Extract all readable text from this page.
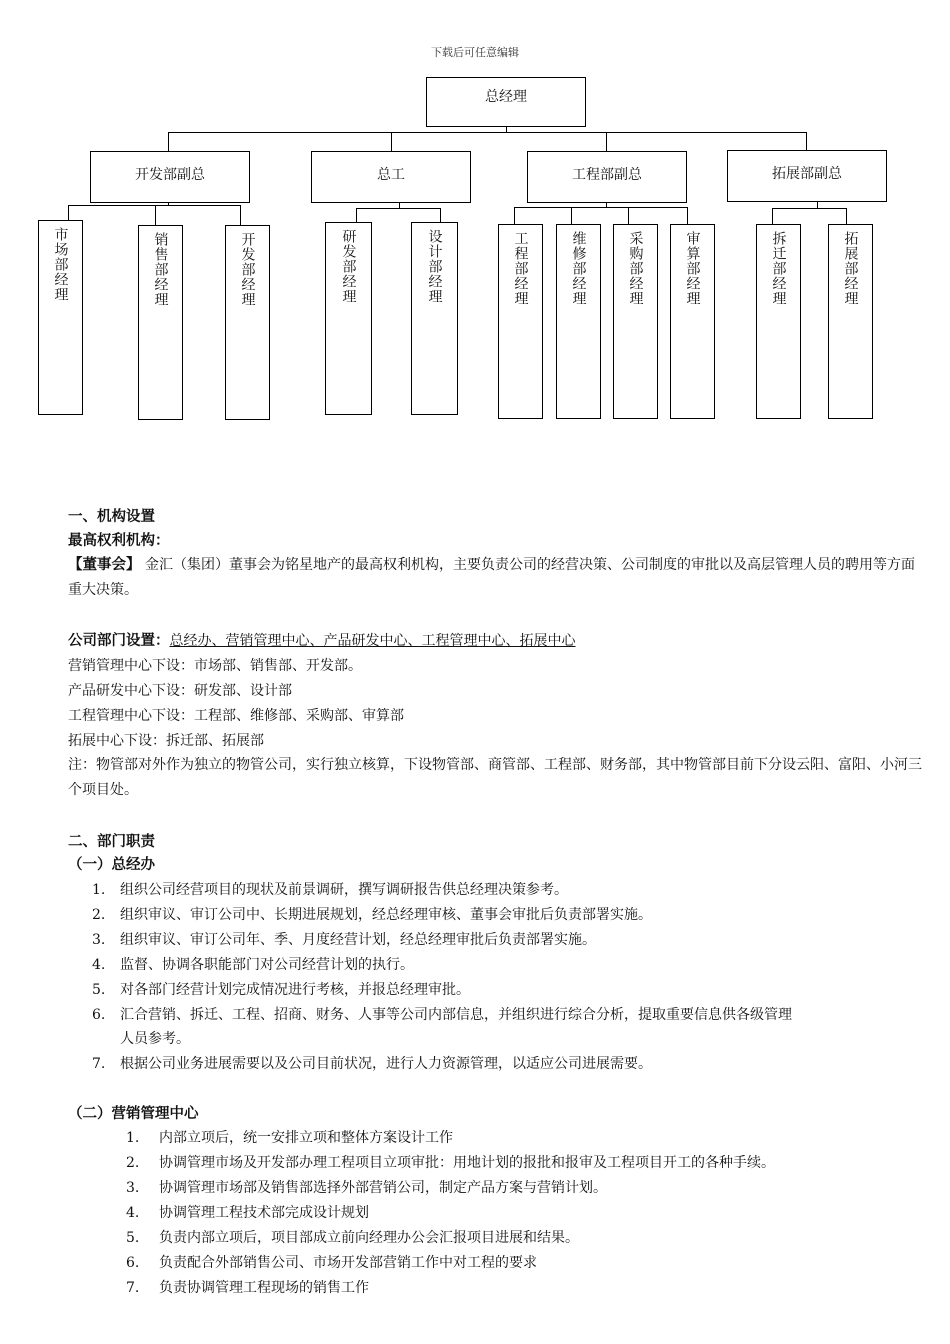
下载后可任意编辑
总经理
开发部副总	总工	工程部副总	拓展部副总
市场部经理	销售部经理	开发部经理	研发部经理	设计部经理	工程部经理	维修部经理	采购部经理	审算部经理	拆迁部经理	拓展部经理
一、机构设置
最高权利机构：
【董事会】 金汇（集团）董事会为铭星地产的最高权利机构，主要负责公司的经营决策、公司制度的审批以及高层管理人员的聘用等方面重大决策。
公司部门设置：总经办、营销管理中心、产品研发中心、工程管理中心、拓展中心
营销管理中心下设：市场部、销售部、开发部。
产品研发中心下设：研发部、设计部
工程管理中心下设：工程部、维修部、采购部、审算部
拓展中心下设：拆迁部、拓展部
注：物管部对外作为独立的物管公司，实行独立核算，下设物管部、商管部、工程部、财务部，其中物管部目前下分设云阳、富阳、小河三个项目处。
二、部门职责
（一）总经办
1. 组织公司经营项目的现状及前景调研，撰写调研报告供总经理决策参考。
2. 组织审议、审订公司中、长期进展规划，经总经理审核、董事会审批后负责部署实施。
3. 组织审议、审订公司年、季、月度经营计划，经总经理审批后负责部署实施。
4. 监督、协调各职能部门对公司经营计划的执行。
5. 对各部门经营计划完成情况进行考核，并报总经理审批。
6. 汇合营销、拆迁、工程、招商、财务、人事等公司内部信息，并组织进行综合分析，提取重要信息供各级管理
人员参考。
7. 根据公司业务进展需要以及公司目前状况，进行人力资源管理，以适应公司进展需要。
（二）营销管理中心
1. 内部立项后，统一安排立项和整体方案设计工作
2. 协调管理市场及开发部办理工程项目立项审批：用地计划的报批和报审及工程项目开工的各种手续。
3. 协调管理市场部及销售部选择外部营销公司，制定产品方案与营销计划。
4. 协调管理工程技术部完成设计规划
5. 负责内部立项后，项目部成立前向经理办公会汇报项目进展和结果。
6. 负责配合外部销售公司、市场开发部营销工作中对工程的要求
7. 负责协调管理工程现场的销售工作
